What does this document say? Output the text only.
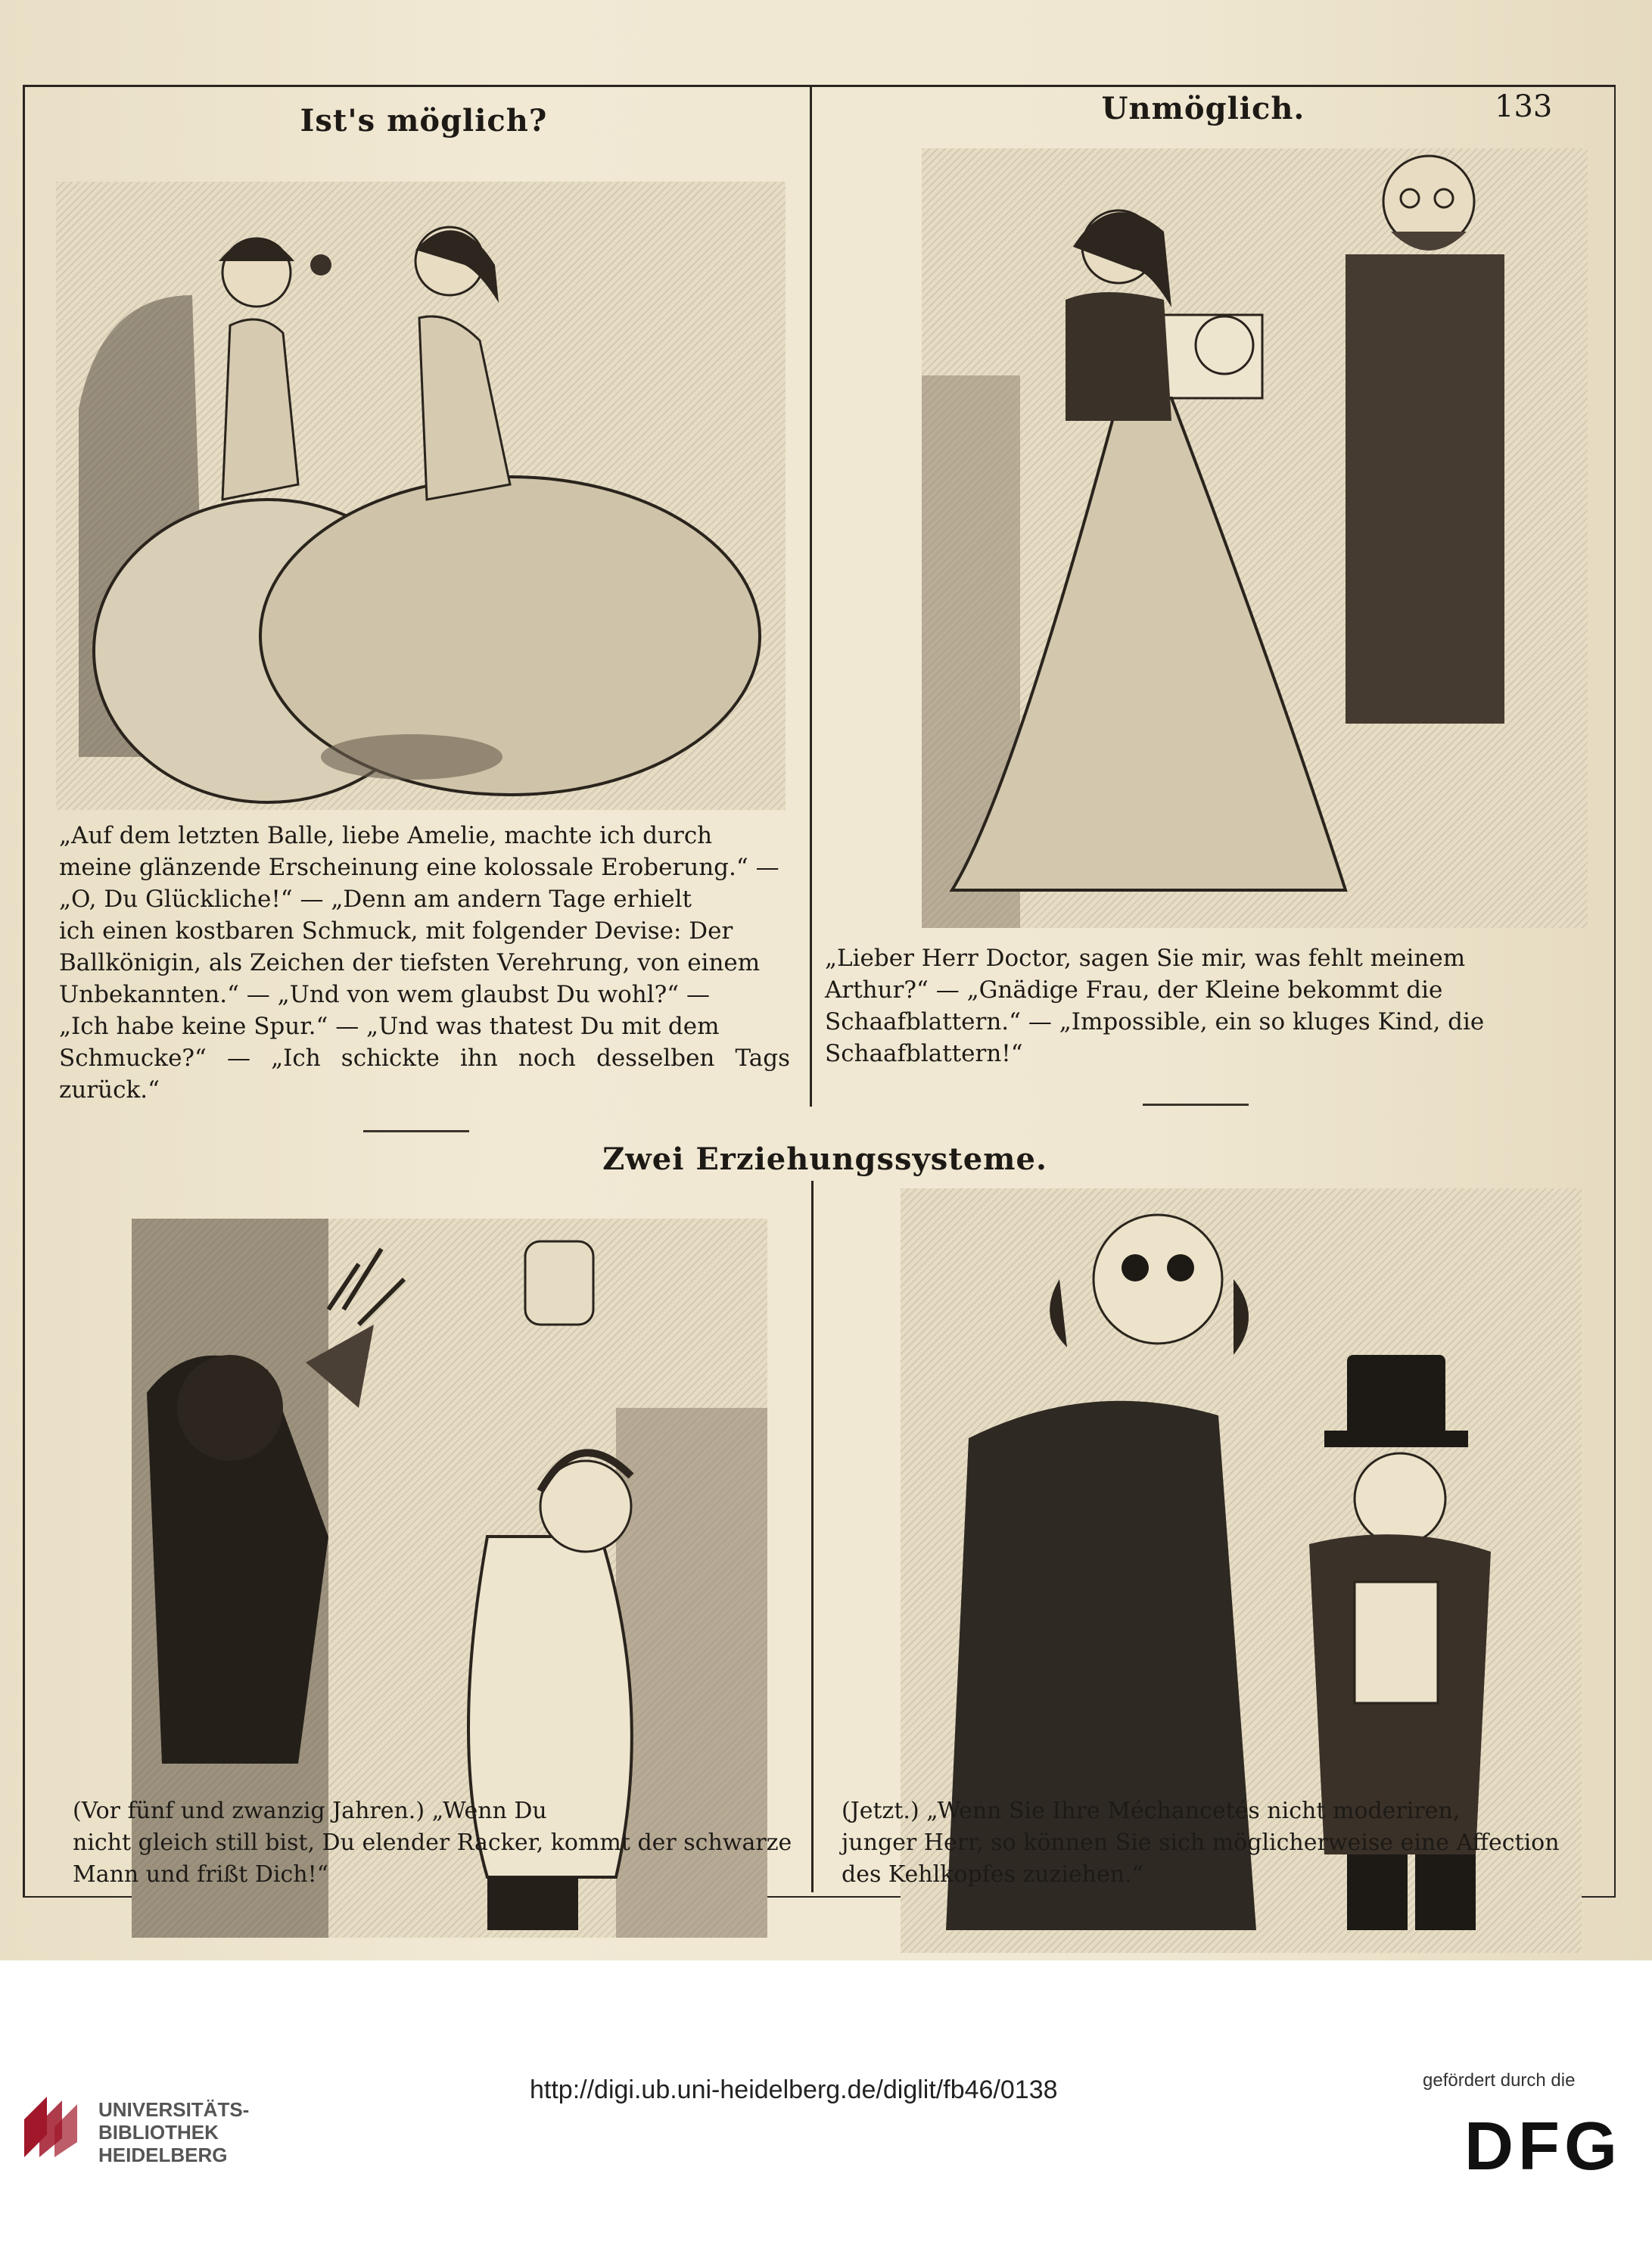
Ist's möglich?	Unmöglich.	133
Zwei Erziehungssysteme.
„Auf dem letzten Balle, liebe Amelie, machte ich durch
meine glänzende Erscheinung eine kolossale Eroberung.“ —
„O, Du Glückliche!“ — „Denn am andern Tage erhielt
ich einen kostbaren Schmuck, mit folgender Devise: Der
Ballkönigin, als Zeichen der tiefsten Verehrung, von einem
Unbekannten.“ — „Und von wem glaubst Du wohl?“ —
„Ich habe keine Spur.“ — „Und was thatest Du mit dem
Schmucke?“ — „Ich schickte ihn noch desselben Tags zurück.“
„Lieber Herr Doctor, sagen Sie mir, was fehlt meinem
Arthur?“ — „Gnädige Frau, der Kleine bekommt die
Schaafblattern.“ — „Impossible, ein so kluges Kind, die
Schaafblattern!“
(Vor fünf und zwanzig Jahren.) „Wenn Du
nicht gleich still bist, Du elender Racker, kommt der schwarze
Mann und frißt Dich!“
(Jetzt.) „Wenn Sie Ihre Méchancetés nicht moderiren,
junger Herr, so können Sie sich möglicherweise eine Affection
des Kehlkopfes zuziehen.“
UNIVERSITÄTS-
BIBLIOTHEK
HEIDELBERG
http://digi.ub.uni-heidelberg.de/diglit/fb46/0138	gefördert durch die
DFG
